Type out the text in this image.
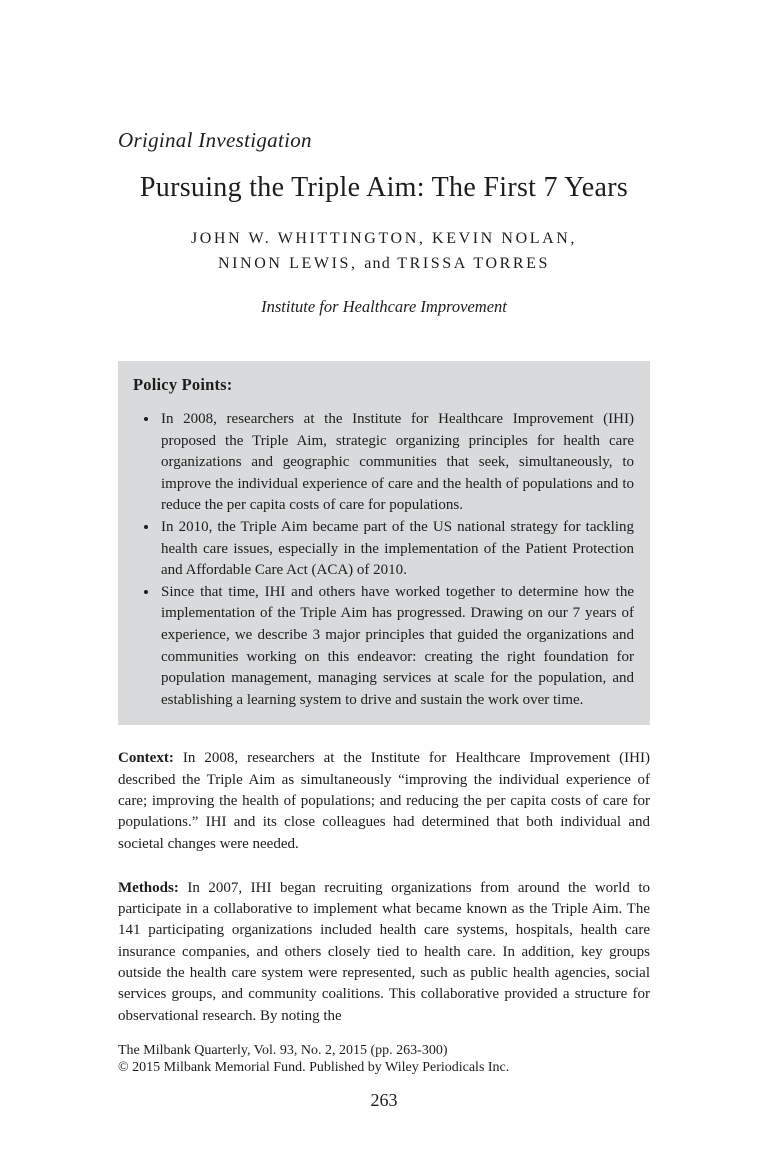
Original Investigation
Pursuing the Triple Aim: The First 7 Years
JOHN W. WHITTINGTON, KEVIN NOLAN,
NINON LEWIS, and TRISSA TORRES
Institute for Healthcare Improvement
Policy Points:
• In 2008, researchers at the Institute for Healthcare Improvement (IHI) proposed the Triple Aim, strategic organizing principles for health care organizations and geographic communities that seek, simultaneously, to improve the individual experience of care and the health of populations and to reduce the per capita costs of care for populations.
• In 2010, the Triple Aim became part of the US national strategy for tackling health care issues, especially in the implementation of the Patient Protection and Affordable Care Act (ACA) of 2010.
• Since that time, IHI and others have worked together to determine how the implementation of the Triple Aim has progressed. Drawing on our 7 years of experience, we describe 3 major principles that guided the organizations and communities working on this endeavor: creating the right foundation for population management, managing services at scale for the population, and establishing a learning system to drive and sustain the work over time.

Context: In 2008, researchers at the Institute for Healthcare Improvement (IHI) described the Triple Aim as simultaneously “improving the individual experience of care; improving the health of populations; and reducing the per capita costs of care for populations.” IHI and its close colleagues had determined that both individual and societal changes were needed.

Methods: In 2007, IHI began recruiting organizations from around the world to participate in a collaborative to implement what became known as the Triple Aim. The 141 participating organizations included health care systems, hospitals, health care insurance companies, and others closely tied to health care. In addition, key groups outside the health care system were represented, such as public health agencies, social services groups, and community coalitions. This collaborative provided a structure for observational research. By noting the

The Milbank Quarterly, Vol. 93, No. 2, 2015 (pp. 263-300)
© 2015 Milbank Memorial Fund. Published by Wiley Periodicals Inc.
263
